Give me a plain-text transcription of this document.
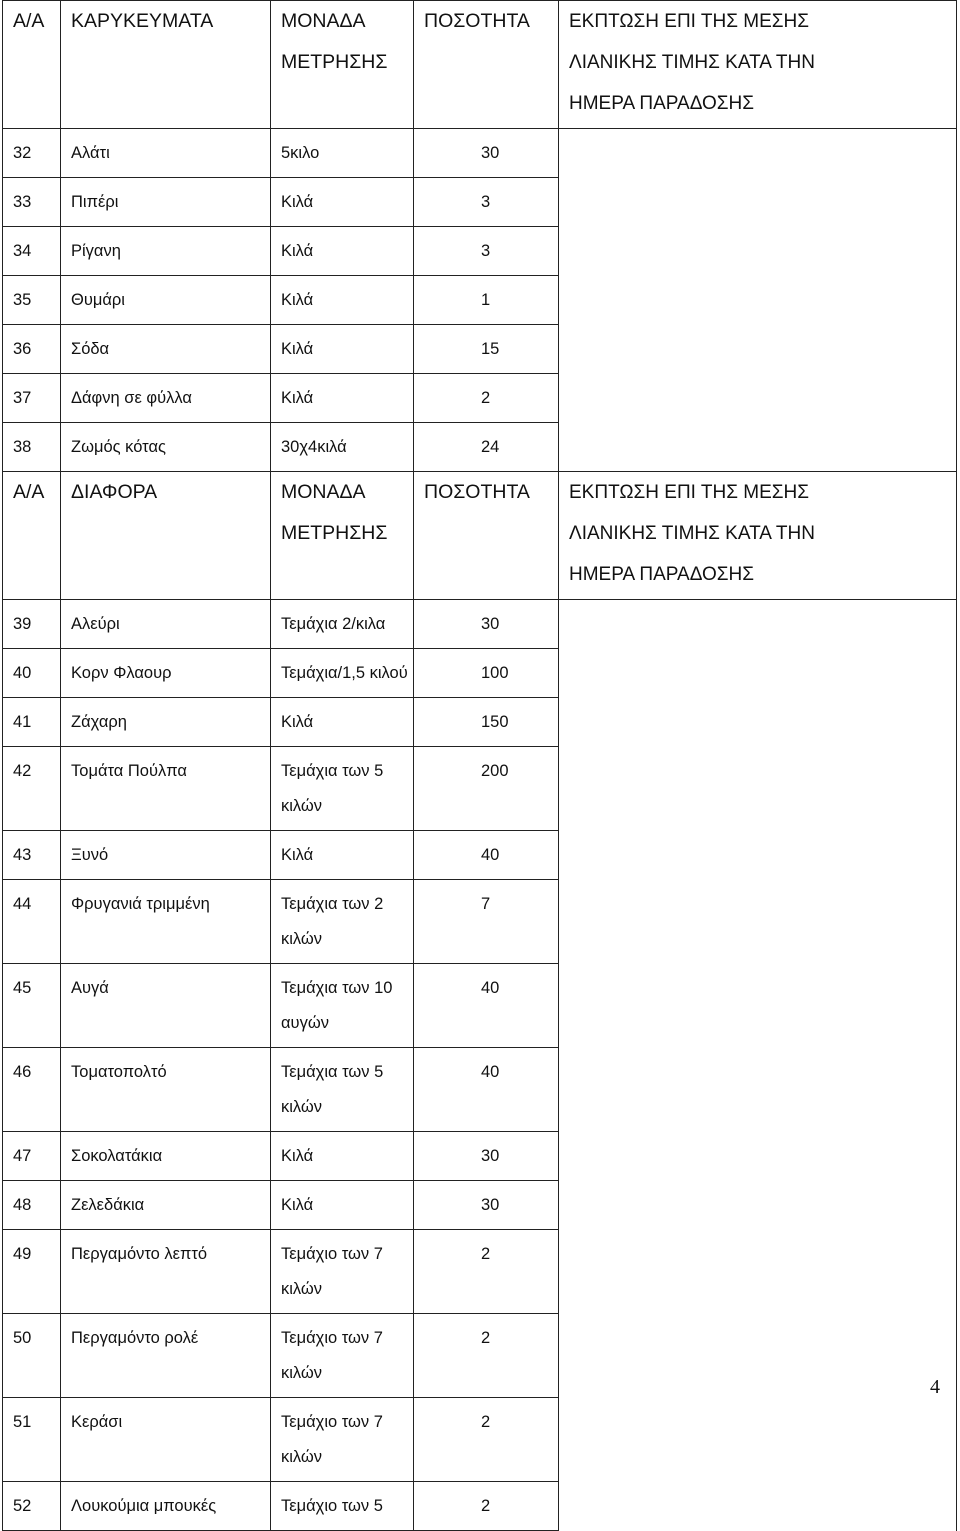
Α/Α	ΚΑΡΥΚΕΥΜΑΤΑ	ΜΟΝΑΔΑ ΜΕΤΡΗΣΗΣ	ΠΟΣΟΤΗΤΑ	ΕΚΠΤΩΣΗ ΕΠΙ ΤΗΣ ΜΕΣΗΣ ΛΙΑΝΙΚΗΣ ΤΙΜΗΣ ΚΑΤΑ ΤΗΝ ΗΜΕΡΑ ΠΑΡΑΔΟΣΗΣ
32	Αλάτι	5κιλο	30	
33	Πιπέρι	Κιλά	3	
34	Ρίγανη	Κιλά	3	
35	Θυμάρι	Κιλά	1	
36	Σόδα	Κιλά	15	
37	Δάφνη σε φύλλα	Κιλά	2	
38	Ζωμός κότας	30χ4κιλά	24	
Α/Α	ΔΙΑΦΟΡΑ	ΜΟΝΑΔΑ ΜΕΤΡΗΣΗΣ	ΠΟΣΟΤΗΤΑ	ΕΚΠΤΩΣΗ ΕΠΙ ΤΗΣ ΜΕΣΗΣ ΛΙΑΝΙΚΗΣ ΤΙΜΗΣ ΚΑΤΑ ΤΗΝ ΗΜΕΡΑ ΠΑΡΑΔΟΣΗΣ
39	Αλεύρι	Τεμάχια 2/κιλα	30	
40	Κορν Φλαουρ	Τεμάχια/1,5 κιλού	100	
41	Ζάχαρη	Κιλά	150	
42	Τομάτα Πούλπα	Τεμάχια των 5 κιλών	200	
43	Ξυνό	Κιλά	40	
44	Φρυγανιά τριμμένη	Τεμάχια των 2 κιλών	7	
45	Αυγά	Τεμάχια των 10 αυγών	40	
46	Τοματοπολτό	Τεμάχια των 5 κιλών	40	
47	Σοκολατάκια	Κιλά	30	
48	Ζελεδάκια	Κιλά	30	
49	Περγαμόντο λεπτό	Τεμάχιο των 7 κιλών	2	
50	Περγαμόντο ρολέ	Τεμάχιο των 7 κιλών	2	
51	Κεράσι	Τεμάχιο των 7 κιλών	2	
52	Λουκούμια μπουκές	Τεμάχιο των 5	2	
4
